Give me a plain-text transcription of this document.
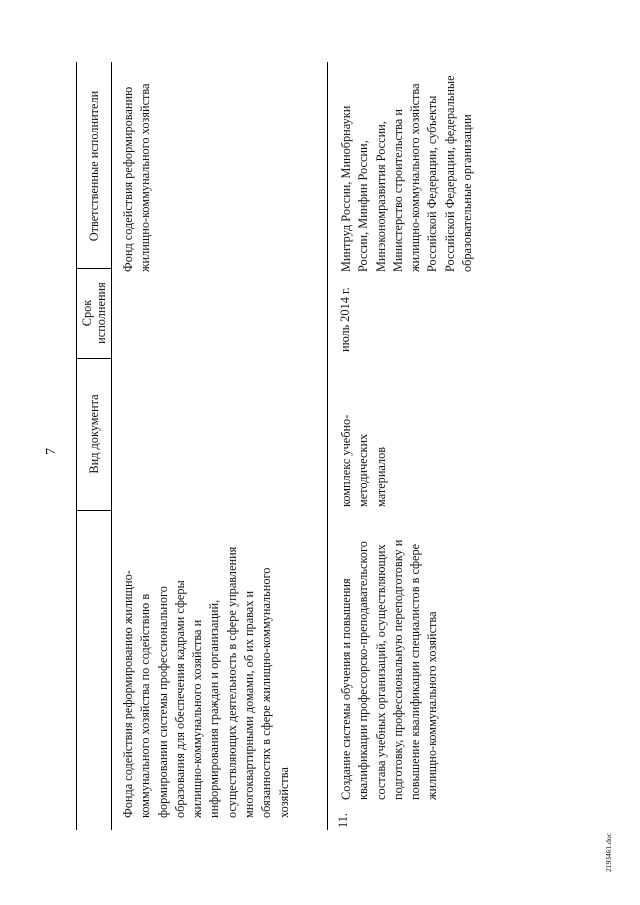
7
2193461.doc
Ответственные исполнители
Срок исполнения
Вид документа
Фонда содействия реформированию жилищно-коммунального хозяйства по содействию в формировании системы профессионального образования для обеспечения кадрами сферы жилищно-коммунального хозяйства и информирования граждан и организаций, осуществляющих деятельность в сфере управления многоквартирными домами, об их правах и обязанностях в сфере жилищно-коммунального хозяйства
Фонд содействия реформированию жилищно-коммунального хозяйства
11.
Создание системы обучения и повышения квалификации профессорско-преподавательского состава учебных организаций, осуществляющих подготовку, профессиональную переподготовку и повышение квалификации специалистов в сфере жилищно-коммунального хозяйства
комплекс учебно-методических материалов
июль 2014 г.
Минтруд России, Минобрнауки России, Минфин России, Минэкономразвития России, Министерство строительства и жилищно-коммунального хозяйства Российской Федерации, субъекты Российской Федерации, федеральные образовательные организации
